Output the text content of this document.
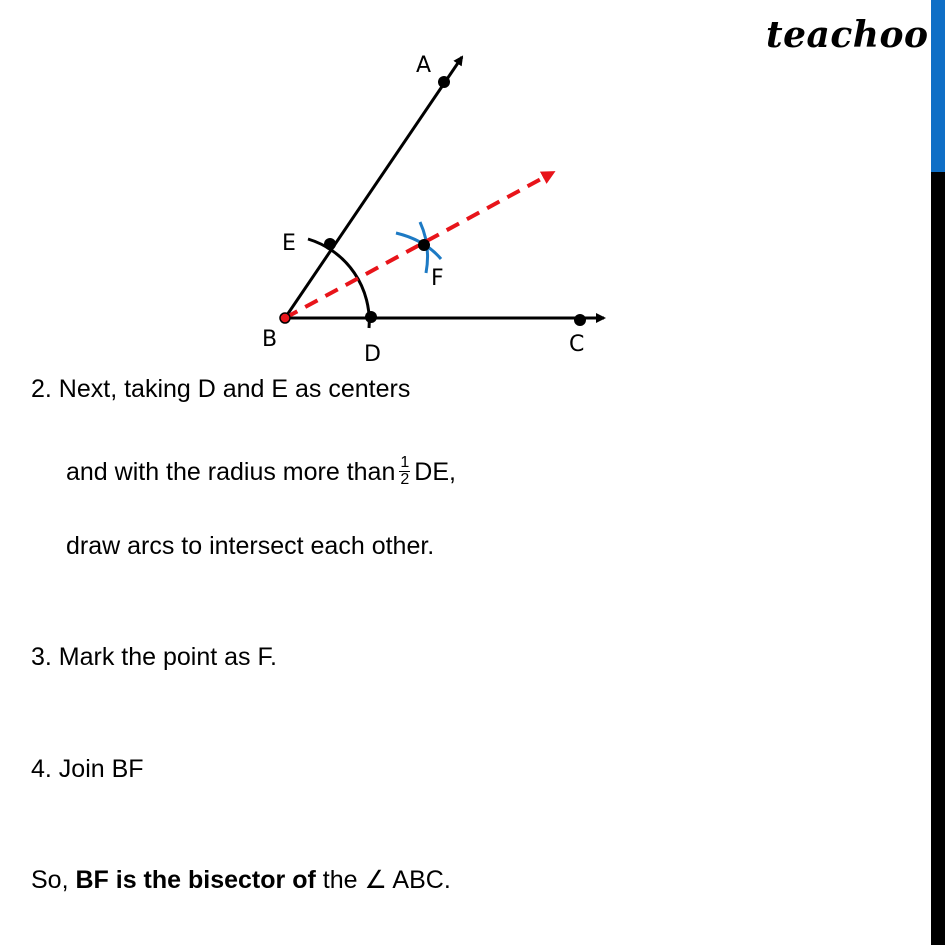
teachoo
A
E
F
B
D	C
2. Next, taking D and E as centers
and with the radius more than $\frac{1}{2}$ DE,
draw arcs to intersect each other.
3. Mark the point as F.
4. Join BF
So, BF is the bisector of the ∠ ABC.
